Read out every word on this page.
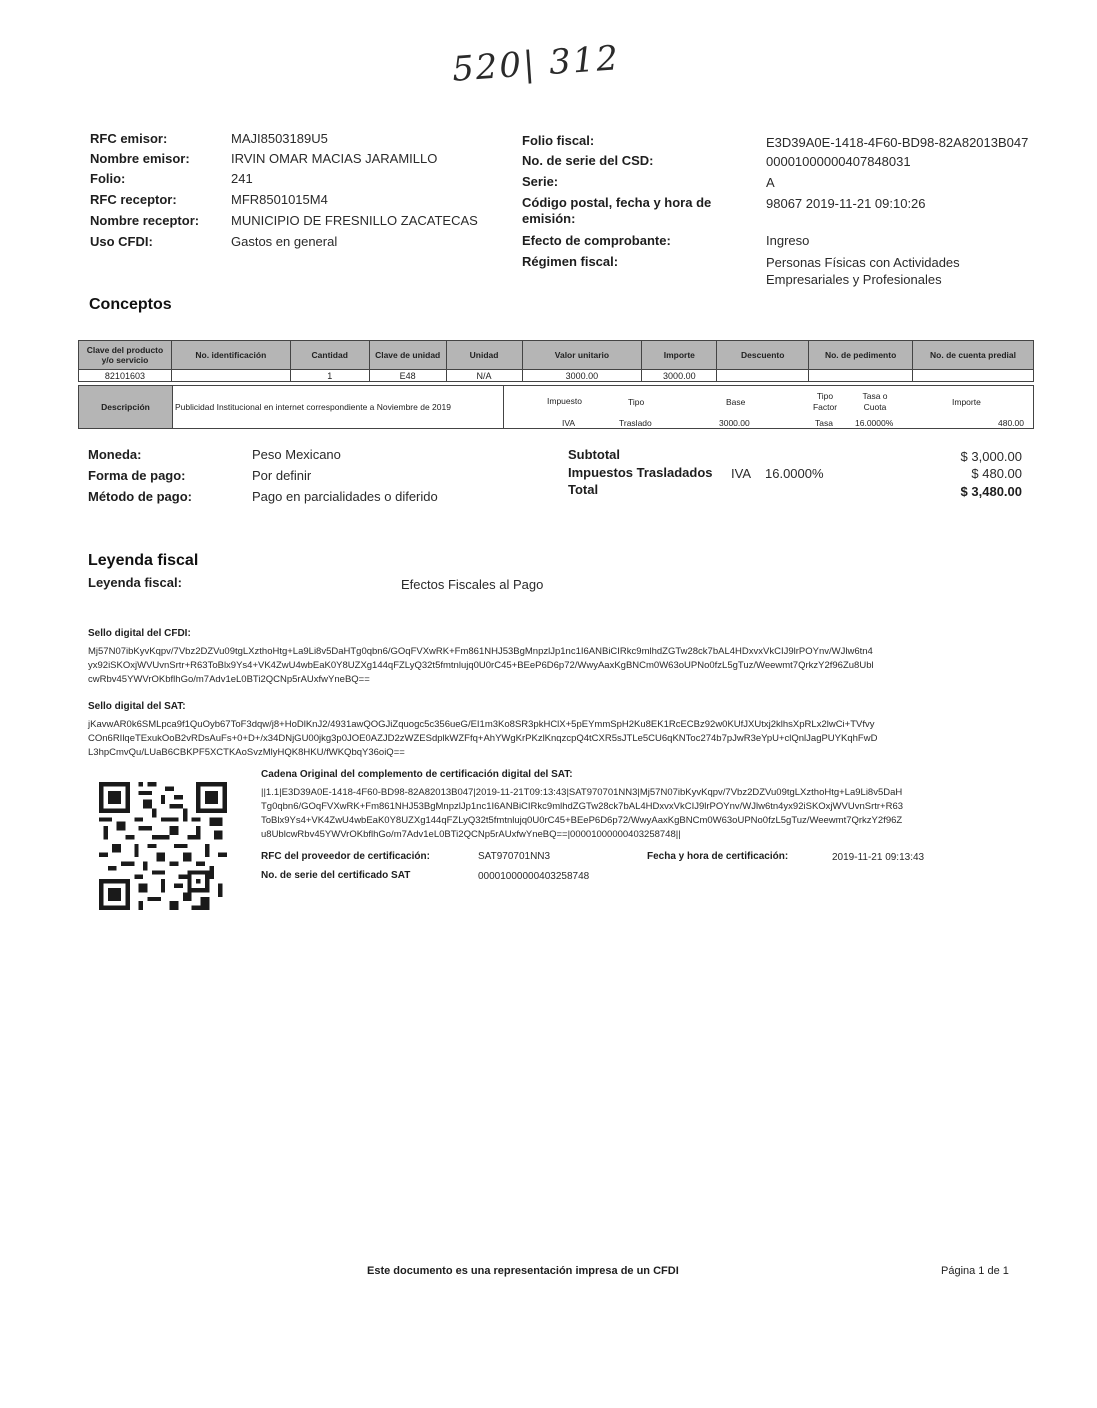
520| 312
RFC emisor:	MAJI8503189U5
Nombre emisor:	IRVIN OMAR MACIAS JARAMILLO
Folio:	241
RFC receptor:	MFR8501015M4
Nombre receptor: MUNICIPIO DE FRESNILLO ZACATECAS
Uso CFDI:	Gastos en general
Folio fiscal:	E3D39A0E-1418-4F60-BD98-82A82013B047
No. de serie del CSD:	00001000000407848031
Serie:	A
Código postal, fecha y hora de
emisión:
98067 2019-11-21 09:10:26
Efecto de comprobante:	Ingreso
Régimen fiscal:	Personas Físicas con Actividades
Empresariales y Profesionales
Conceptos
Clave del producto y/o servicio	No. identificación	Cantidad	Clave de unidad	Unidad	Valor unitario	Importe	Descuento	No. de pedimento	No. de cuenta predial
82101603		1	E48	N/A	3000.00	3000.00			
Descripción	Publicidad Institucional en internet correspondiente a Noviembre de 2019
Impuesto	Tipo	Base
Tipo Factor
Tasa o Cuota	Importe
IVA	Traslado	3000.00	Tasa	16.0000%	480.00
Moneda:	Peso Mexicano
Forma de pago:	Por definir
Método de pago:	Pago en parcialidades o diferido
Subtotal	$ 3,000.00
Impuestos Trasladados IVA 16.0000%	$ 480.00
Total	$ 3,480.00
Leyenda fiscal
Leyenda fiscal:	Efectos Fiscales al Pago
Sello digital del CFDI:
Mj57N07ibKyvKqpv/7Vbz2DZVu09tgLXzthoHtg+La9Li8v5DaHTg0qbn6/GOqFVXwRK+Fm861NHJ53BgMnpzlJp1nc1I6ANBiCIRkc9mlhdZGTw28ck7bAL4HDxvxVkCIJ9lrPOYnv/WJlw6tn4
yx92iSKOxjWVUvnSrtr+R63ToBlx9Ys4+VK4ZwU4wbEaK0Y8UZXg144qFZLyQ32t5fmtnlujq0U0rC45+BEeP6D6p72/WwyAaxKgBNCm0W63oUPNo0fzL5gTuz/Weewmt7QrkzY2f96Zu8Ubl
cwRbv45YWVrOKbflhGo/m7Adv1eL0BTi2QCNp5rAUxfwYneBQ==
Sello digital del SAT:
jKavwAR0k6SMLpca9f1QuOyb67ToF3dqw/j8+HoDlKnJ2/4931awQOGJiZquogc5c356ueG/EI1m3Ko8SR3pkHClX+5pEYmmSpH2Ku8EK1RcECBz92w0KUfJXUtxj2klhsXpRLx2lwCi+TVfvy
COn6RIlqeTExukOoB2vRDsAuFs+0+D+/x34DNjGU00jkg3p0JOE0AZJD2zWZESdplkWZFfq+AhYWgKrPKzlKnqzcpQ4tCXR5sJTLe5CU6qKNToc274b7pJwR3eYpU+clQnlJagPUYKqhFwD
L3hpCmvQu/LUaB6CBKPF5XCTKAoSvzMlyHQK8HKU/fWKQbqY36oiQ==
Cadena Original del complemento de certificación digital del SAT:
||1.1|E3D39A0E-1418-4F60-BD98-82A82013B047|2019-11-21T09:13:43|SAT970701NN3|Mj57N07ibKyvKqpv/7Vbz2DZVu09tgLXzthoHtg+La9Li8v5DaH
Tg0qbn6/GOqFVXwRK+Fm861NHJ53BgMnpzlJp1nc1I6ANBiCIRkc9mlhdZGTw28ck7bAL4HDxvxVkCIJ9lrPOYnv/WJlw6tn4yx92iSKOxjWVUvnSrtr+R63
ToBlx9Ys4+VK4ZwU4wbEaK0Y8UZXg144qFZLyQ32t5fmtnlujq0U0rC45+BEeP6D6p72/WwyAaxKgBNCm0W63oUPNo0fzL5gTuz/Weewmt7QrkzY2f96Z
u8UblcwRbv45YWVrOKbflhGo/m7Adv1eL0BTi2QCNp5rAUxfwYneBQ==|00001000000403258748||
RFC del proveedor de certificación:	SAT970701NN3	Fecha y hora de certificación:	2019-11-21 09:13:43
No. de serie del certificado SAT	00001000000403258748
Este documento es una representación impresa de un CFDI	Página 1 de 1
